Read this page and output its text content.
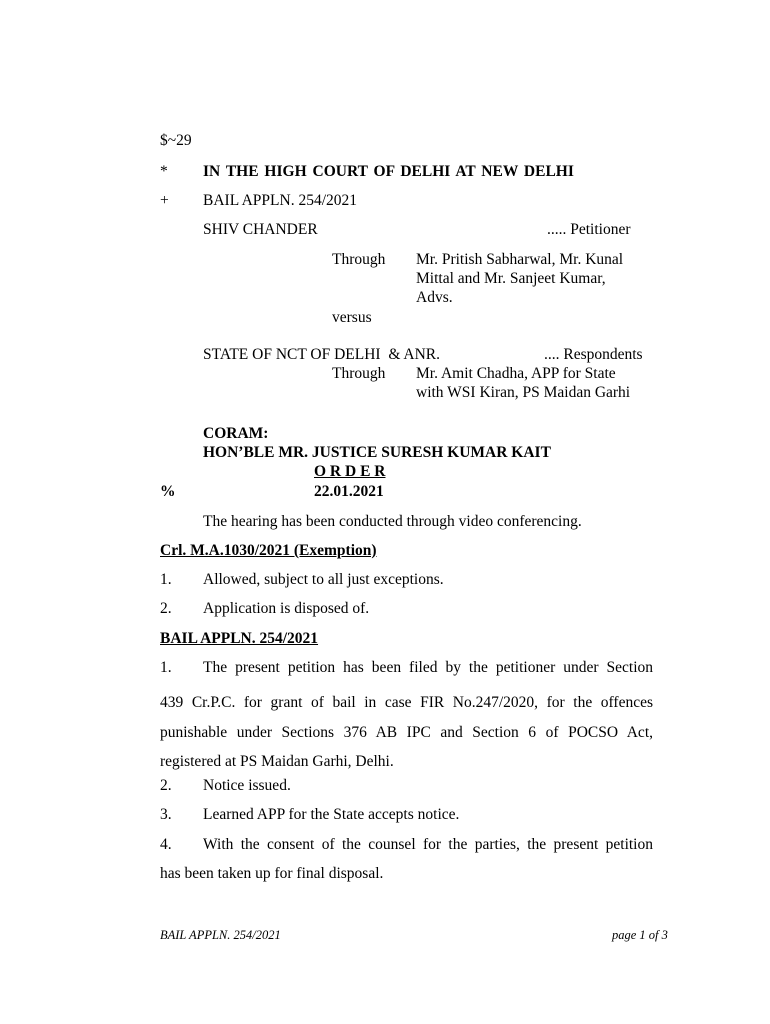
$~29
* IN THE HIGH COURT OF DELHI AT NEW DELHI
+ BAIL APPLN. 254/2021
SHIV CHANDER	..... Petitioner
Through Mr. Pritish Sabharwal, Mr. Kunal
Mittal and Mr. Sanjeet Kumar,
Advs.
versus
STATE OF NCT OF DELHI  & ANR.	.... Respondents
Through Mr. Amit Chadha, APP for State
with WSI Kiran, PS Maidan Garhi
CORAM:
HON’BLE MR. JUSTICE SURESH KUMAR KAIT
O R D E R
%	22.01.2021
The hearing has been conducted through video conferencing.
Crl. M.A.1030/2021 (Exemption)
1. Allowed, subject to all just exceptions.
2. Application is disposed of.
BAIL APPLN. 254/2021
1. The present petition has been filed by the petitioner under Section
439 Cr.P.C. for grant of bail in case FIR No.247/2020, for the offences punishable under Sections 376 AB IPC and Section 6 of POCSO Act, registered at PS Maidan Garhi, Delhi.
2. Notice issued.
3. Learned APP for the State accepts notice.
4. With the consent of the counsel for the parties, the present petition
has been taken up for final disposal.
BAIL APPLN. 254/2021	page 1 of 3
